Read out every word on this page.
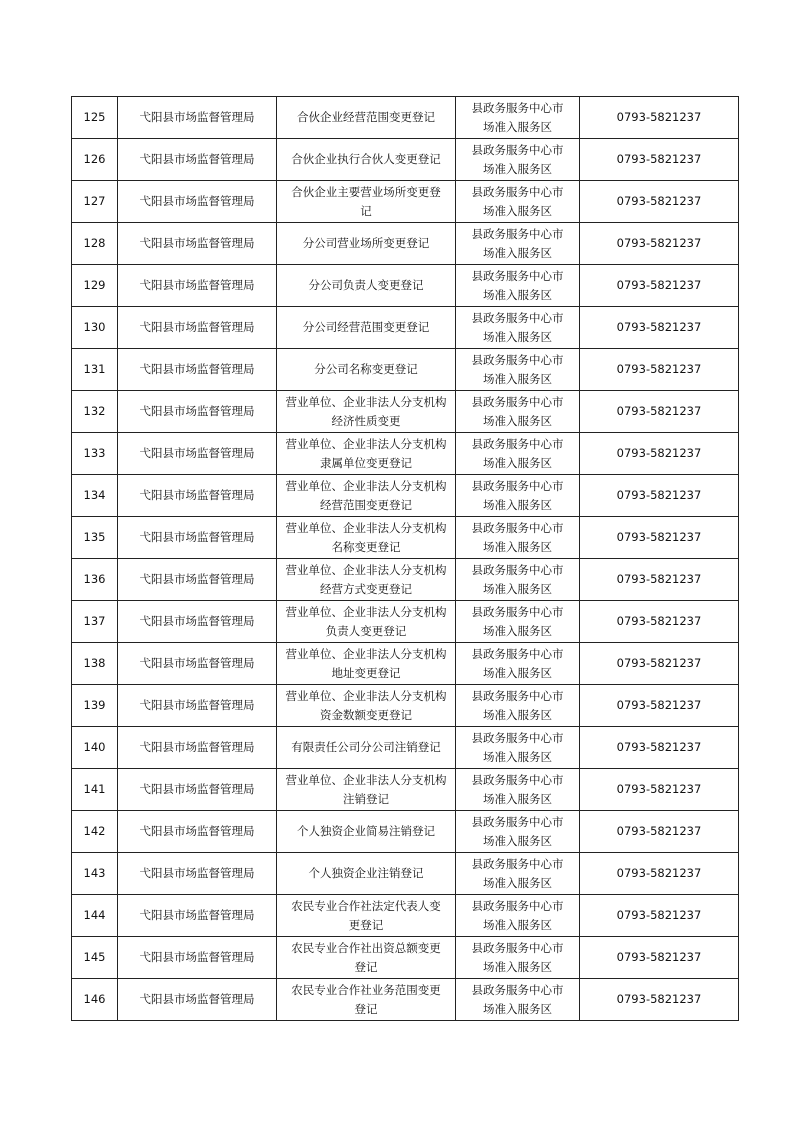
125	弋阳县市场监督管理局	合伙企业经营范围变更登记	县政务服务中心市
场准入服务区	0793-5821237
126	弋阳县市场监督管理局	合伙企业执行合伙人变更登记	县政务服务中心市
场准入服务区	0793-5821237
127	弋阳县市场监督管理局	合伙企业主要营业场所变更登
记	县政务服务中心市
场准入服务区	0793-5821237
128	弋阳县市场监督管理局	分公司营业场所变更登记	县政务服务中心市
场准入服务区	0793-5821237
129	弋阳县市场监督管理局	分公司负责人变更登记	县政务服务中心市
场准入服务区	0793-5821237
130	弋阳县市场监督管理局	分公司经营范围变更登记	县政务服务中心市
场准入服务区	0793-5821237
131	弋阳县市场监督管理局	分公司名称变更登记	县政务服务中心市
场准入服务区	0793-5821237
132	弋阳县市场监督管理局	营业单位、企业非法人分支机构
经济性质变更	县政务服务中心市
场准入服务区	0793-5821237
133	弋阳县市场监督管理局	营业单位、企业非法人分支机构
隶属单位变更登记	县政务服务中心市
场准入服务区	0793-5821237
134	弋阳县市场监督管理局	营业单位、企业非法人分支机构
经营范围变更登记	县政务服务中心市
场准入服务区	0793-5821237
135	弋阳县市场监督管理局	营业单位、企业非法人分支机构
名称变更登记	县政务服务中心市
场准入服务区	0793-5821237
136	弋阳县市场监督管理局	营业单位、企业非法人分支机构
经营方式变更登记	县政务服务中心市
场准入服务区	0793-5821237
137	弋阳县市场监督管理局	营业单位、企业非法人分支机构
负责人变更登记	县政务服务中心市
场准入服务区	0793-5821237
138	弋阳县市场监督管理局	营业单位、企业非法人分支机构
地址变更登记	县政务服务中心市
场准入服务区	0793-5821237
139	弋阳县市场监督管理局	营业单位、企业非法人分支机构
资金数额变更登记	县政务服务中心市
场准入服务区	0793-5821237
140	弋阳县市场监督管理局	有限责任公司分公司注销登记	县政务服务中心市
场准入服务区	0793-5821237
141	弋阳县市场监督管理局	营业单位、企业非法人分支机构
注销登记	县政务服务中心市
场准入服务区	0793-5821237
142	弋阳县市场监督管理局	个人独资企业简易注销登记	县政务服务中心市
场准入服务区	0793-5821237
143	弋阳县市场监督管理局	个人独资企业注销登记	县政务服务中心市
场准入服务区	0793-5821237
144	弋阳县市场监督管理局	农民专业合作社法定代表人变
更登记	县政务服务中心市
场准入服务区	0793-5821237
145	弋阳县市场监督管理局	农民专业合作社出资总额变更
登记	县政务服务中心市
场准入服务区	0793-5821237
146	弋阳县市场监督管理局	农民专业合作社业务范围变更
登记	县政务服务中心市
场准入服务区	0793-5821237
